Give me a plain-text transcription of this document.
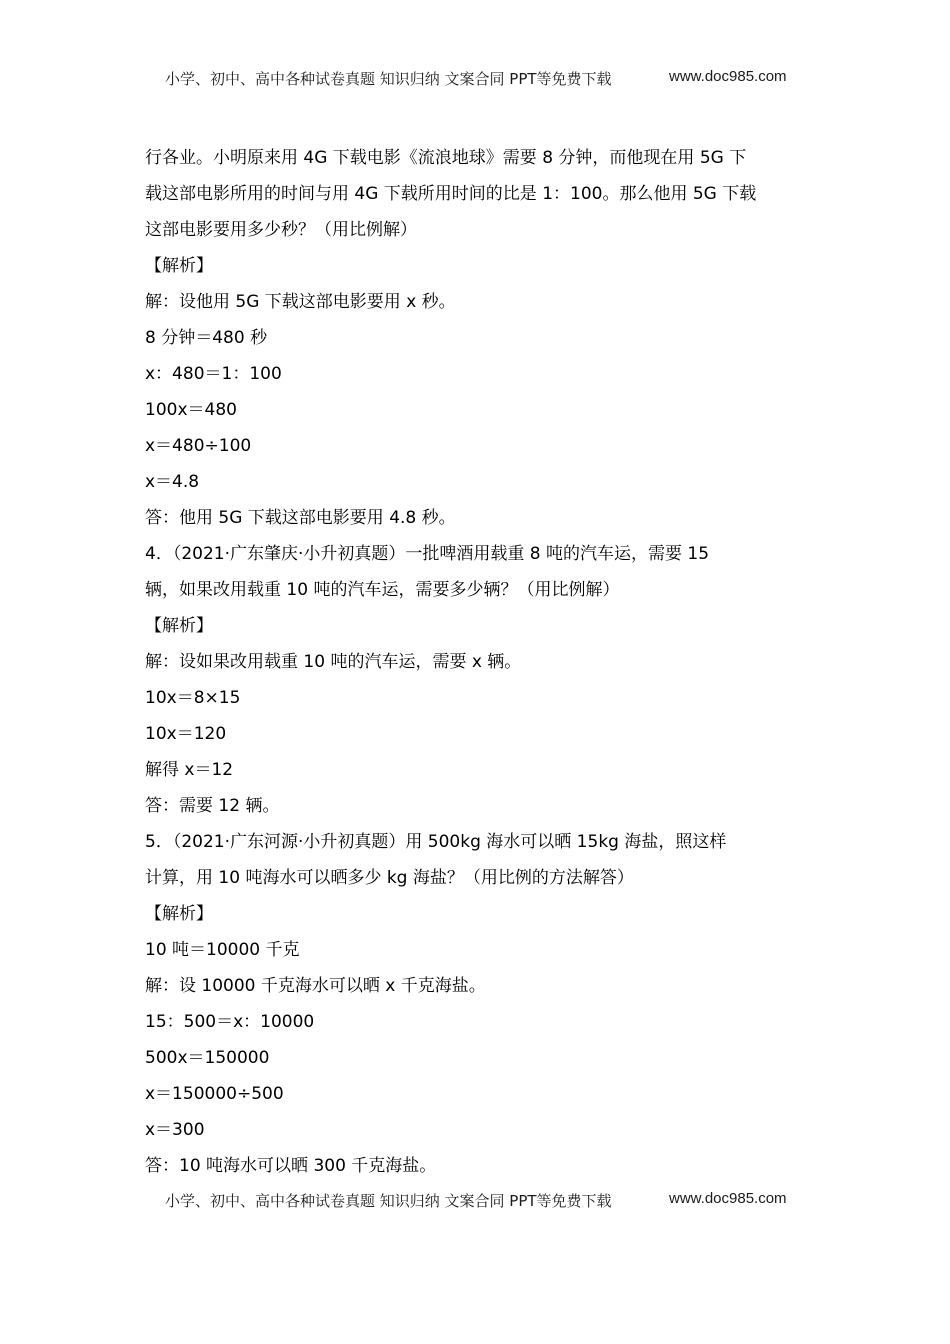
小学、初中、高中各种试卷真题 知识归纳 文案合同 PPT等免费下载	www.doc985.com
行各业。小明原来用 4G 下载电影《流浪地球》需要 8 分钟，而他现在用 5G 下
载这部电影所用的时间与用 4G 下载所用时间的比是 1：100。那么他用 5G 下载
这部电影要用多少秒？（用比例解）
【解析】
解：设他用 5G 下载这部电影要用 x 秒。
8 分钟＝480 秒
x：480＝1：100
100x＝480
x＝480÷100
x＝4.8
答：他用 5G 下载这部电影要用 4.8 秒。
4．（2021·广东肇庆·小升初真题）一批啤酒用载重 8 吨的汽车运，需要 15
辆，如果改用载重 10 吨的汽车运，需要多少辆？（用比例解）
【解析】
解：设如果改用载重 10 吨的汽车运，需要 x 辆。
10x＝8×15
10x＝120
解得 x＝12
答：需要 12 辆。
5．（2021·广东河源·小升初真题）用 500kg 海水可以晒 15kg 海盐，照这样
计算，用 10 吨海水可以晒多少 kg 海盐？（用比例的方法解答）
【解析】
10 吨＝10000 千克
解：设 10000 千克海水可以晒 x 千克海盐。
15：500＝x：10000
500x＝150000
x＝150000÷500
x＝300
答：10 吨海水可以晒 300 千克海盐。
小学、初中、高中各种试卷真题 知识归纳 文案合同 PPT等免费下载	www.doc985.com
